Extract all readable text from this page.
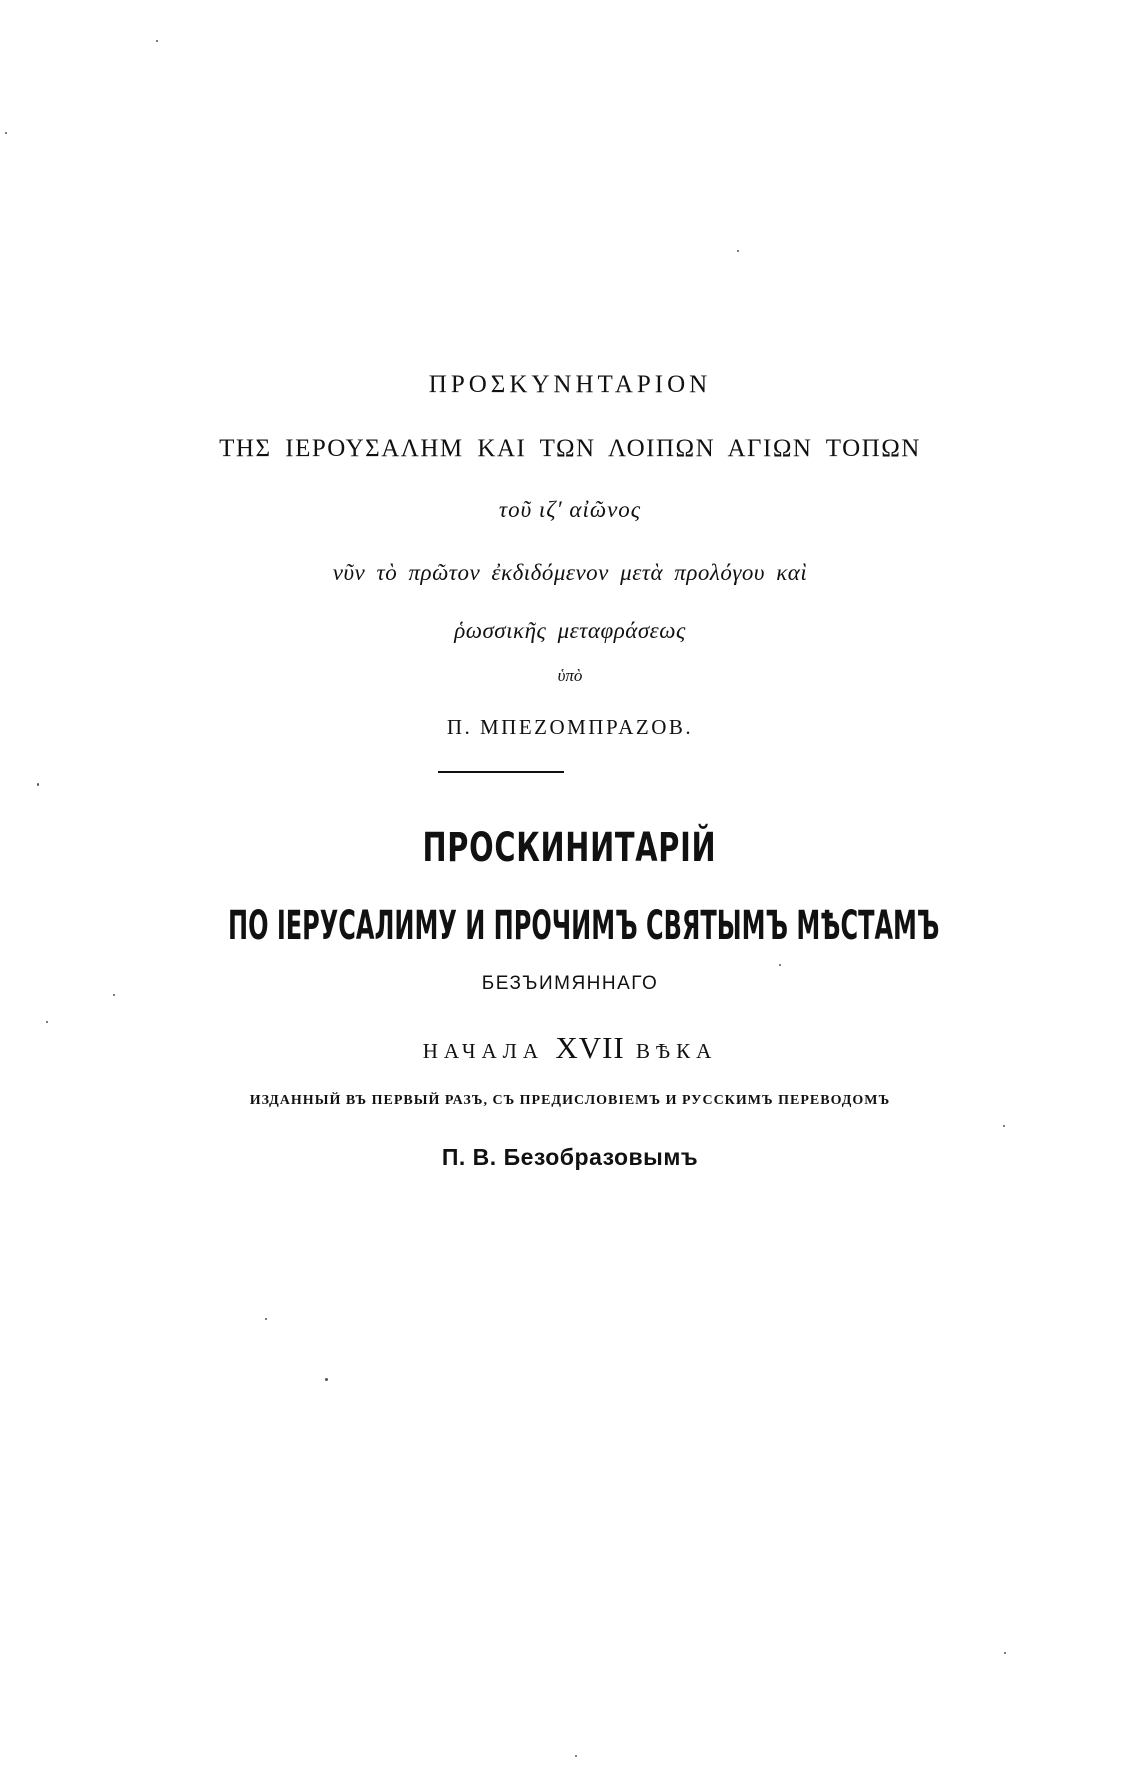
ΠΡΟΣΚΥΝΗΤΑΡΙΟΝ
ΤΗΣ ΙΕΡΟΥΣΑΛΗΜ ΚΑΙ ΤΩΝ ΛΟΙΠΩΝ ΑΓΙΩΝ ΤΟΠΩΝ
τοῦ ιζ′ αἰῶνος
νῦν τὸ πρῶτον ἐκδιδόμενον μετὰ προλόγου καὶ
ῥωσσικῆς μεταφράσεως
ὑπὸ
Π. ΜΠΕΖΟΜΠΡΑΖΟΒ.
ПРОСКИНИТАРІЙ
ПО ІЕРУСАЛИМУ И ПРОЧИМЪ СВЯТЫМЪ МѢСТАМЪ
БЕЗЪИМЯННАГО
НАЧАЛА XVII ВѢКА
ИЗДАННЫЙ ВЪ ПЕРВЫЙ РАЗЪ, СЪ ПРЕДИСЛОВІЕМЪ И РУССКИМЪ ПЕРЕВОДОМЪ
П. В. Безобразовымъ
